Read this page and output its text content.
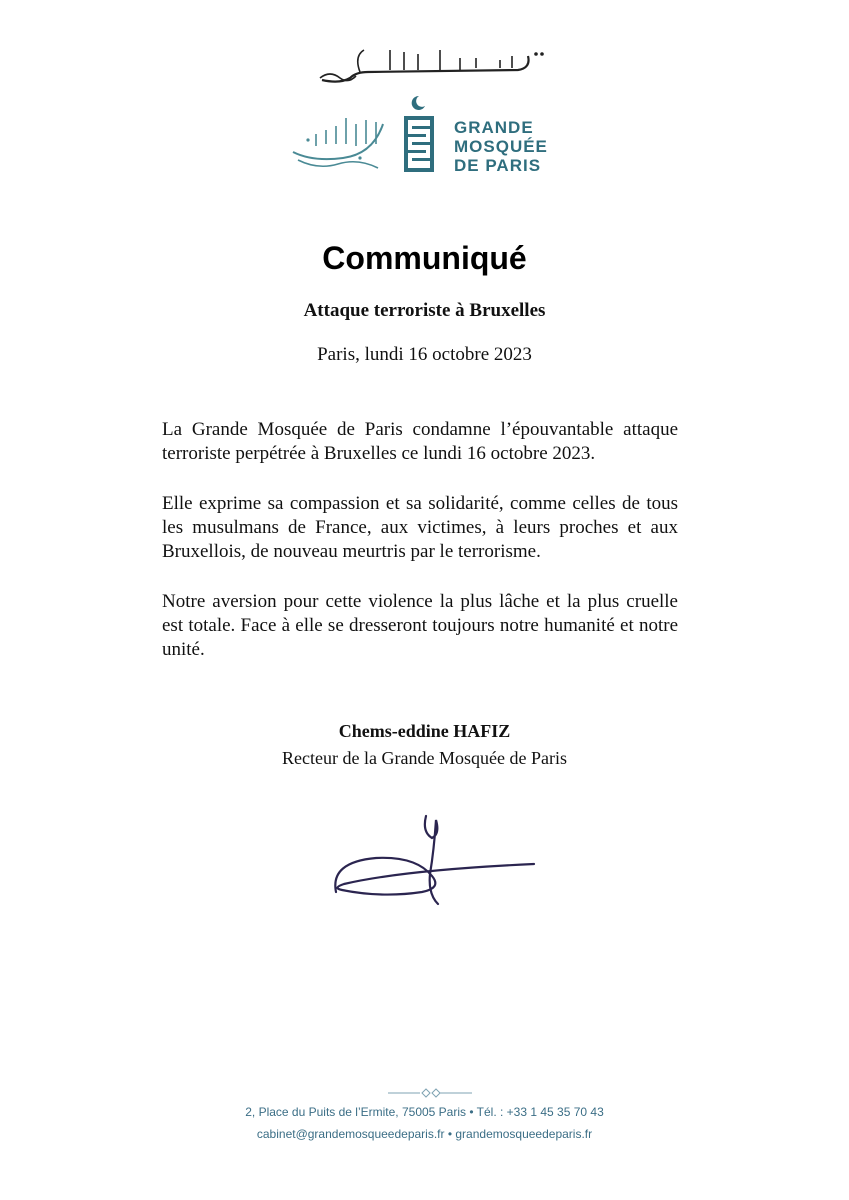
GRANDE
MOSQUÉE
DE PARIS
Communiqué
Attaque terroriste à Bruxelles
Paris, lundi 16 octobre 2023

La Grande Mosquée de Paris condamne l’épouvantable attaque terroriste perpétrée à Bruxelles ce lundi 16 octobre 2023.

Elle exprime sa compassion et sa solidarité, comme celles de tous les musulmans de France, aux victimes, à leurs proches et aux Bruxellois, de nouveau meurtris par le terrorisme.

Notre aversion pour cette violence la plus lâche et la plus cruelle est totale. Face à elle se dresseront toujours notre humanité et notre unité.

Chems-eddine HAFIZ
Recteur de la Grande Mosquée de Paris
2, Place du Puits de l’Ermite, 75005 Paris • Tél. : +33 1 45 35 70 43
cabinet@grandemosqueedeparis.fr • grandemosqueedeparis.fr
